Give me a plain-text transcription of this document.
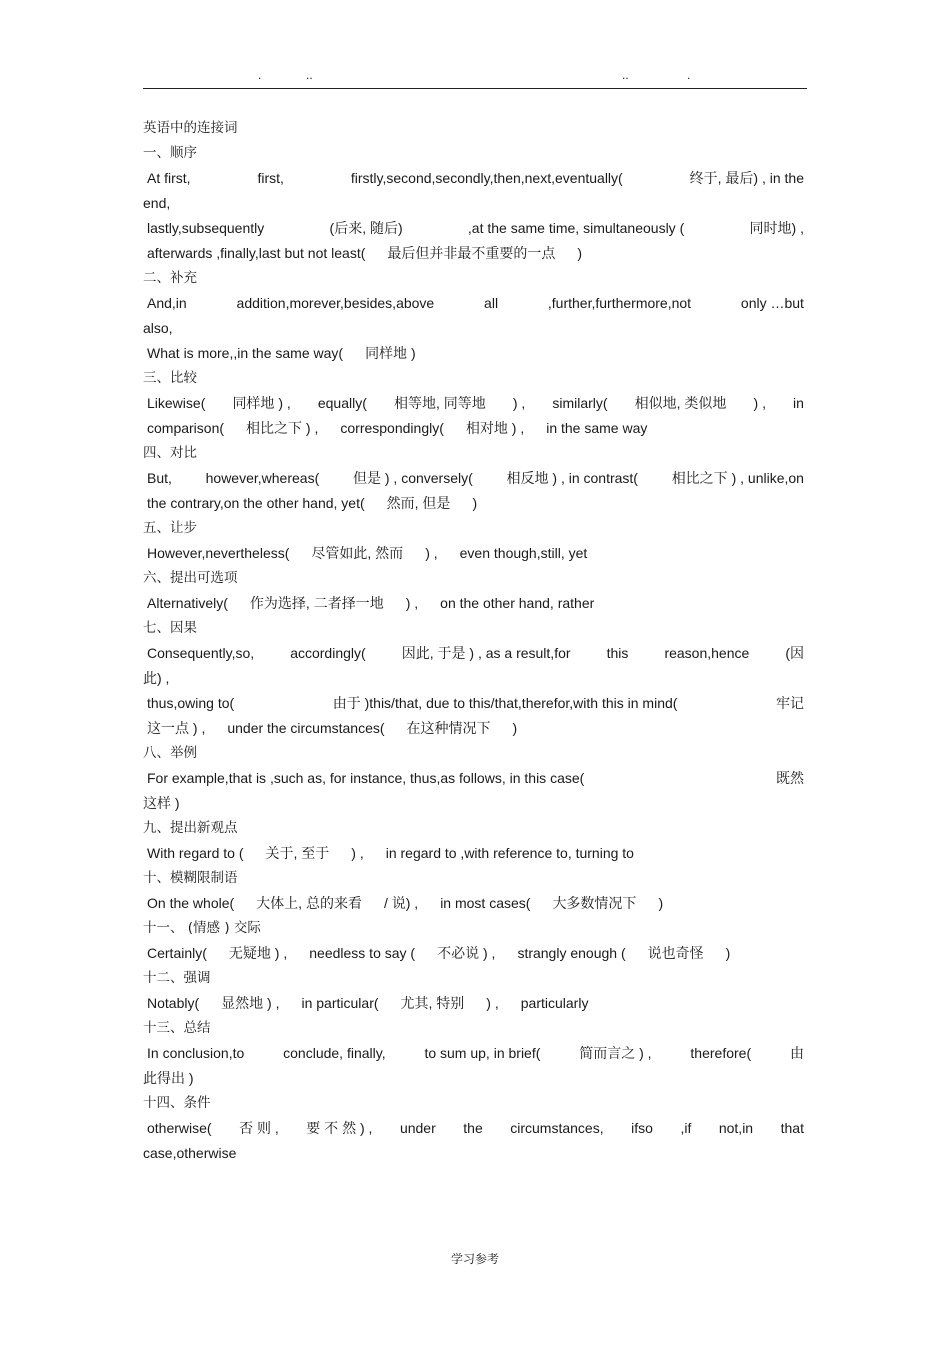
.	..	..	.
英语中的连接词
一、顺序
At first,	first,	firstly,second,secondly,then,next,eventually(	终于, 最后) , in the
end,
lastly,subsequently	(后来, 随后)	,at the same time, simultaneously (	同时地) ,
afterwards ,finally,last but not least( 最后但并非最不重要的一点 )
二、补充
And,in	addition,morever,besides,above	all	,further,furthermore,not	only …but
also,
What is more,,in the same way( 同样地 )
三、比较
Likewise( 同样地 ) , equally( 相等地, 同等地 ) , similarly( 相似地, 类似地 ) , in
comparison( 相比之下 ) , correspondingly( 相对地 ) , in the same way
四、对比
But, however,whereas( 但是 ) , conversely( 相反地 ) , in contrast( 相比之下 ) , unlike,on
the contrary,on the other hand, yet( 然而, 但是 )
五、让步
However,nevertheless( 尽管如此, 然而 ) , even though,still, yet
六、提出可选项
Alternatively( 作为选择, 二者择一地 ) , on the other hand, rather
七、因果
Consequently,so,	accordingly(	因此, 于是 ) , as a result,for	this	reason,hence	(因
此) ,
thus,owing to(	由于 )this/that, due to this/that,therefor,with this in mind(	牢记
这一点 ) , under the circumstances( 在这种情况下 )
八、举例
For example,that is ,such as, for instance, thus,as follows, in this case(	既然
这样 )
九、提出新观点
With regard to ( 关于, 至于 ) , in regard to ,with reference to, turning to
十、模糊限制语
On the whole( 大体上, 总的来看 / 说) , in most cases( 大多数情况下 )
十一、 (情感 ) 交际
Certainly( 无疑地 ) , needless to say ( 不必说 ) , strangly enough ( 说也奇怪 )
十二、强调
Notably( 显然地 ) , in particular( 尤其, 特别 ) , particularly
十三、总结
In conclusion,to	conclude, finally,	to sum up, in brief(	简而言之 ) ,	therefore(	由
此得出 )
十四、条件
otherwise( 否 则 , 要 不 然 ) , under the circumstances, ifso ,if not,in that
case,otherwise
学习参考
